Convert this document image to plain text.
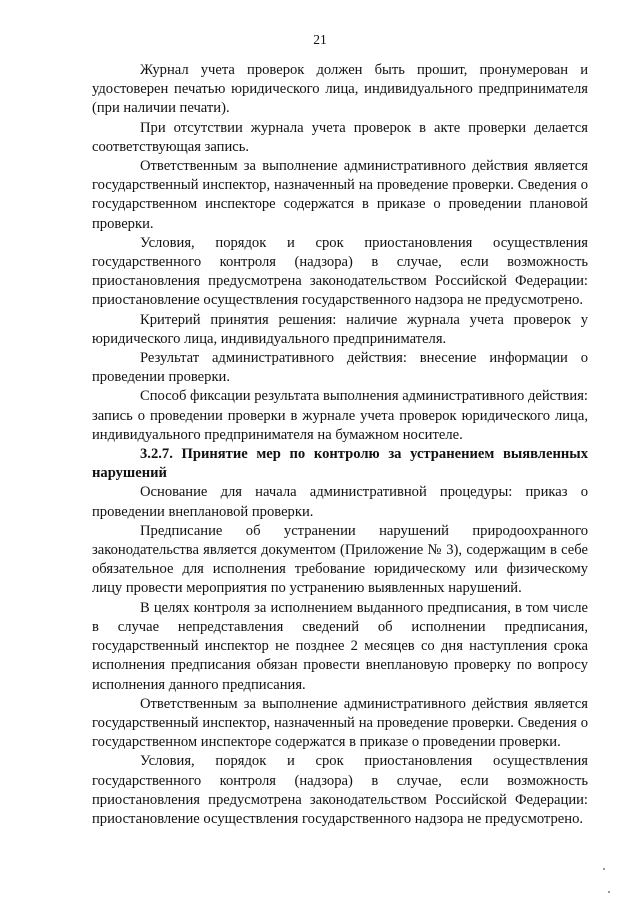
21

Журнал учета проверок должен быть прошит, пронумерован и удостоверен печатью юридического лица, индивидуального предпринимателя (при наличии печати).

При отсутствии журнала учета проверок в акте проверки делается соответствующая запись.

Ответственным за выполнение административного действия является государственный инспектор, назначенный на проведение проверки. Сведения о государственном инспекторе содержатся в приказе о проведении плановой проверки.

Условия, порядок и срок приостановления осуществления государственного контроля (надзора) в случае, если возможность приостановления предусмотрена законодательством Российской Федерации: приостановление осуществления государственного надзора не предусмотрено.

Критерий принятия решения: наличие журнала учета проверок у юридического лица, индивидуального предпринимателя.

Результат административного действия: внесение информации о проведении проверки.

Способ фиксации результата выполнения административного действия: запись о проведении проверки в журнале учета проверок юридического лица, индивидуального предпринимателя на бумажном носителе.

3.2.7. Принятие мер по контролю за устранением выявленных нарушений

Основание для начала административной процедуры: приказ о проведении внеплановой проверки.

Предписание об устранении нарушений природоохранного законодательства является документом (Приложение № 3), содержащим в себе обязательное для исполнения требование юридическому или физическому лицу провести мероприятия по устранению выявленных нарушений.

В целях контроля за исполнением выданного предписания, в том числе в случае непредставления сведений об исполнении предписания, государственный инспектор не позднее 2 месяцев со дня наступления срока исполнения предписания обязан провести внеплановую проверку по вопросу исполнения данного предписания.

Ответственным за выполнение административного действия является государственный инспектор, назначенный на проведение проверки. Сведения о государственном инспекторе содержатся в приказе о проведении проверки.

Условия, порядок и срок приостановления осуществления государственного контроля (надзора) в случае, если возможность приостановления предусмотрена законодательством Российской Федерации: приостановление осуществления государственного надзора не предусмотрено.
